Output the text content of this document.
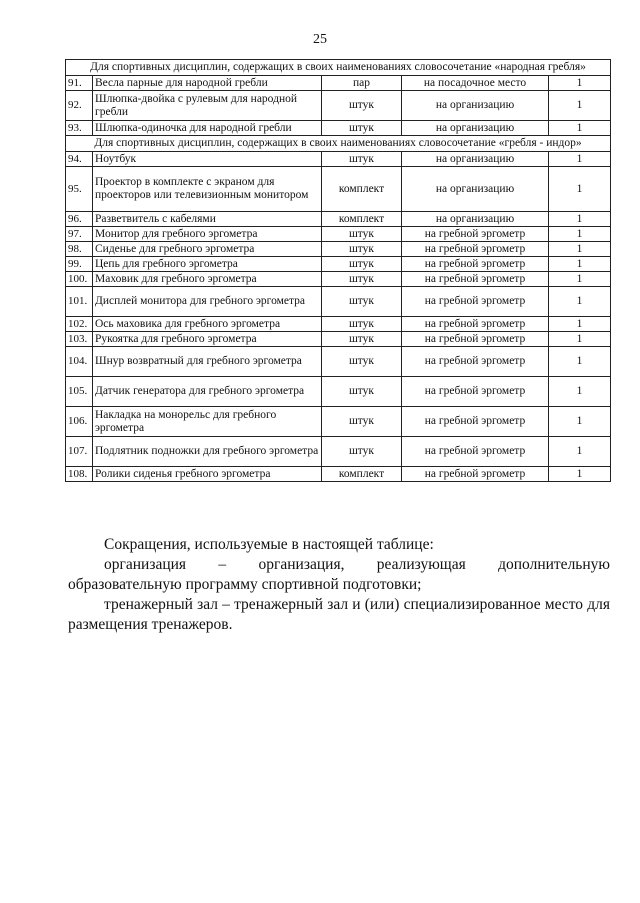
25
Для спортивных дисциплин, содержащих в своих наименованиях словосочетание «народная гребля»				
91.	Весла парные для народной гребли	пар	на посадочное место	1
92.	Шлюпка-двойка с рулевым для народной гребли	штук	на организацию	1
93.	Шлюпка-одиночка для народной гребли	штук	на организацию	1
Для спортивных дисциплин, содержащих в своих наименованиях словосочетание «гребля - индор»				
94.	Ноутбук	штук	на организацию	1
95.	Проектор в комплекте с экраном для проекторов или телевизионным монитором	комплект	на организацию	1
96.	Разветвитель с кабелями	комплект	на организацию	1
97.	Монитор для гребного эргометра	штук	на гребной эргометр	1
98.	Сиденье для гребного эргометра	штук	на гребной эргометр	1
99.	Цепь для гребного эргометра	штук	на гребной эргометр	1
100.	Маховик для гребного эргометра	штук	на гребной эргометр	1
101.	Дисплей монитора для гребного эргометра	штук	на гребной эргометр	1
102.	Ось маховика для гребного эргометра	штук	на гребной эргометр	1
103.	Рукоятка для гребного эргометра	штук	на гребной эргометр	1
104.	Шнур возвратный для гребного эргометра	штук	на гребной эргометр	1
105.	Датчик генератора для гребного эргометра	штук	на гребной эргометр	1
106.	Накладка на монорельс для гребного эргометра	штук	на гребной эргометр	1
107.	Подлятник подножки для гребного эргометра	штук	на гребной эргометр	1
108.	Ролики сиденья гребного эргометра	комплект	на гребной эргометр	1

Сокращения, используемые в настоящей таблице:

организация – организация, реализующая дополнительную образовательную программу спортивной подготовки;

тренажерный зал – тренажерный зал и (или) специализированное место для размещения тренажеров.
